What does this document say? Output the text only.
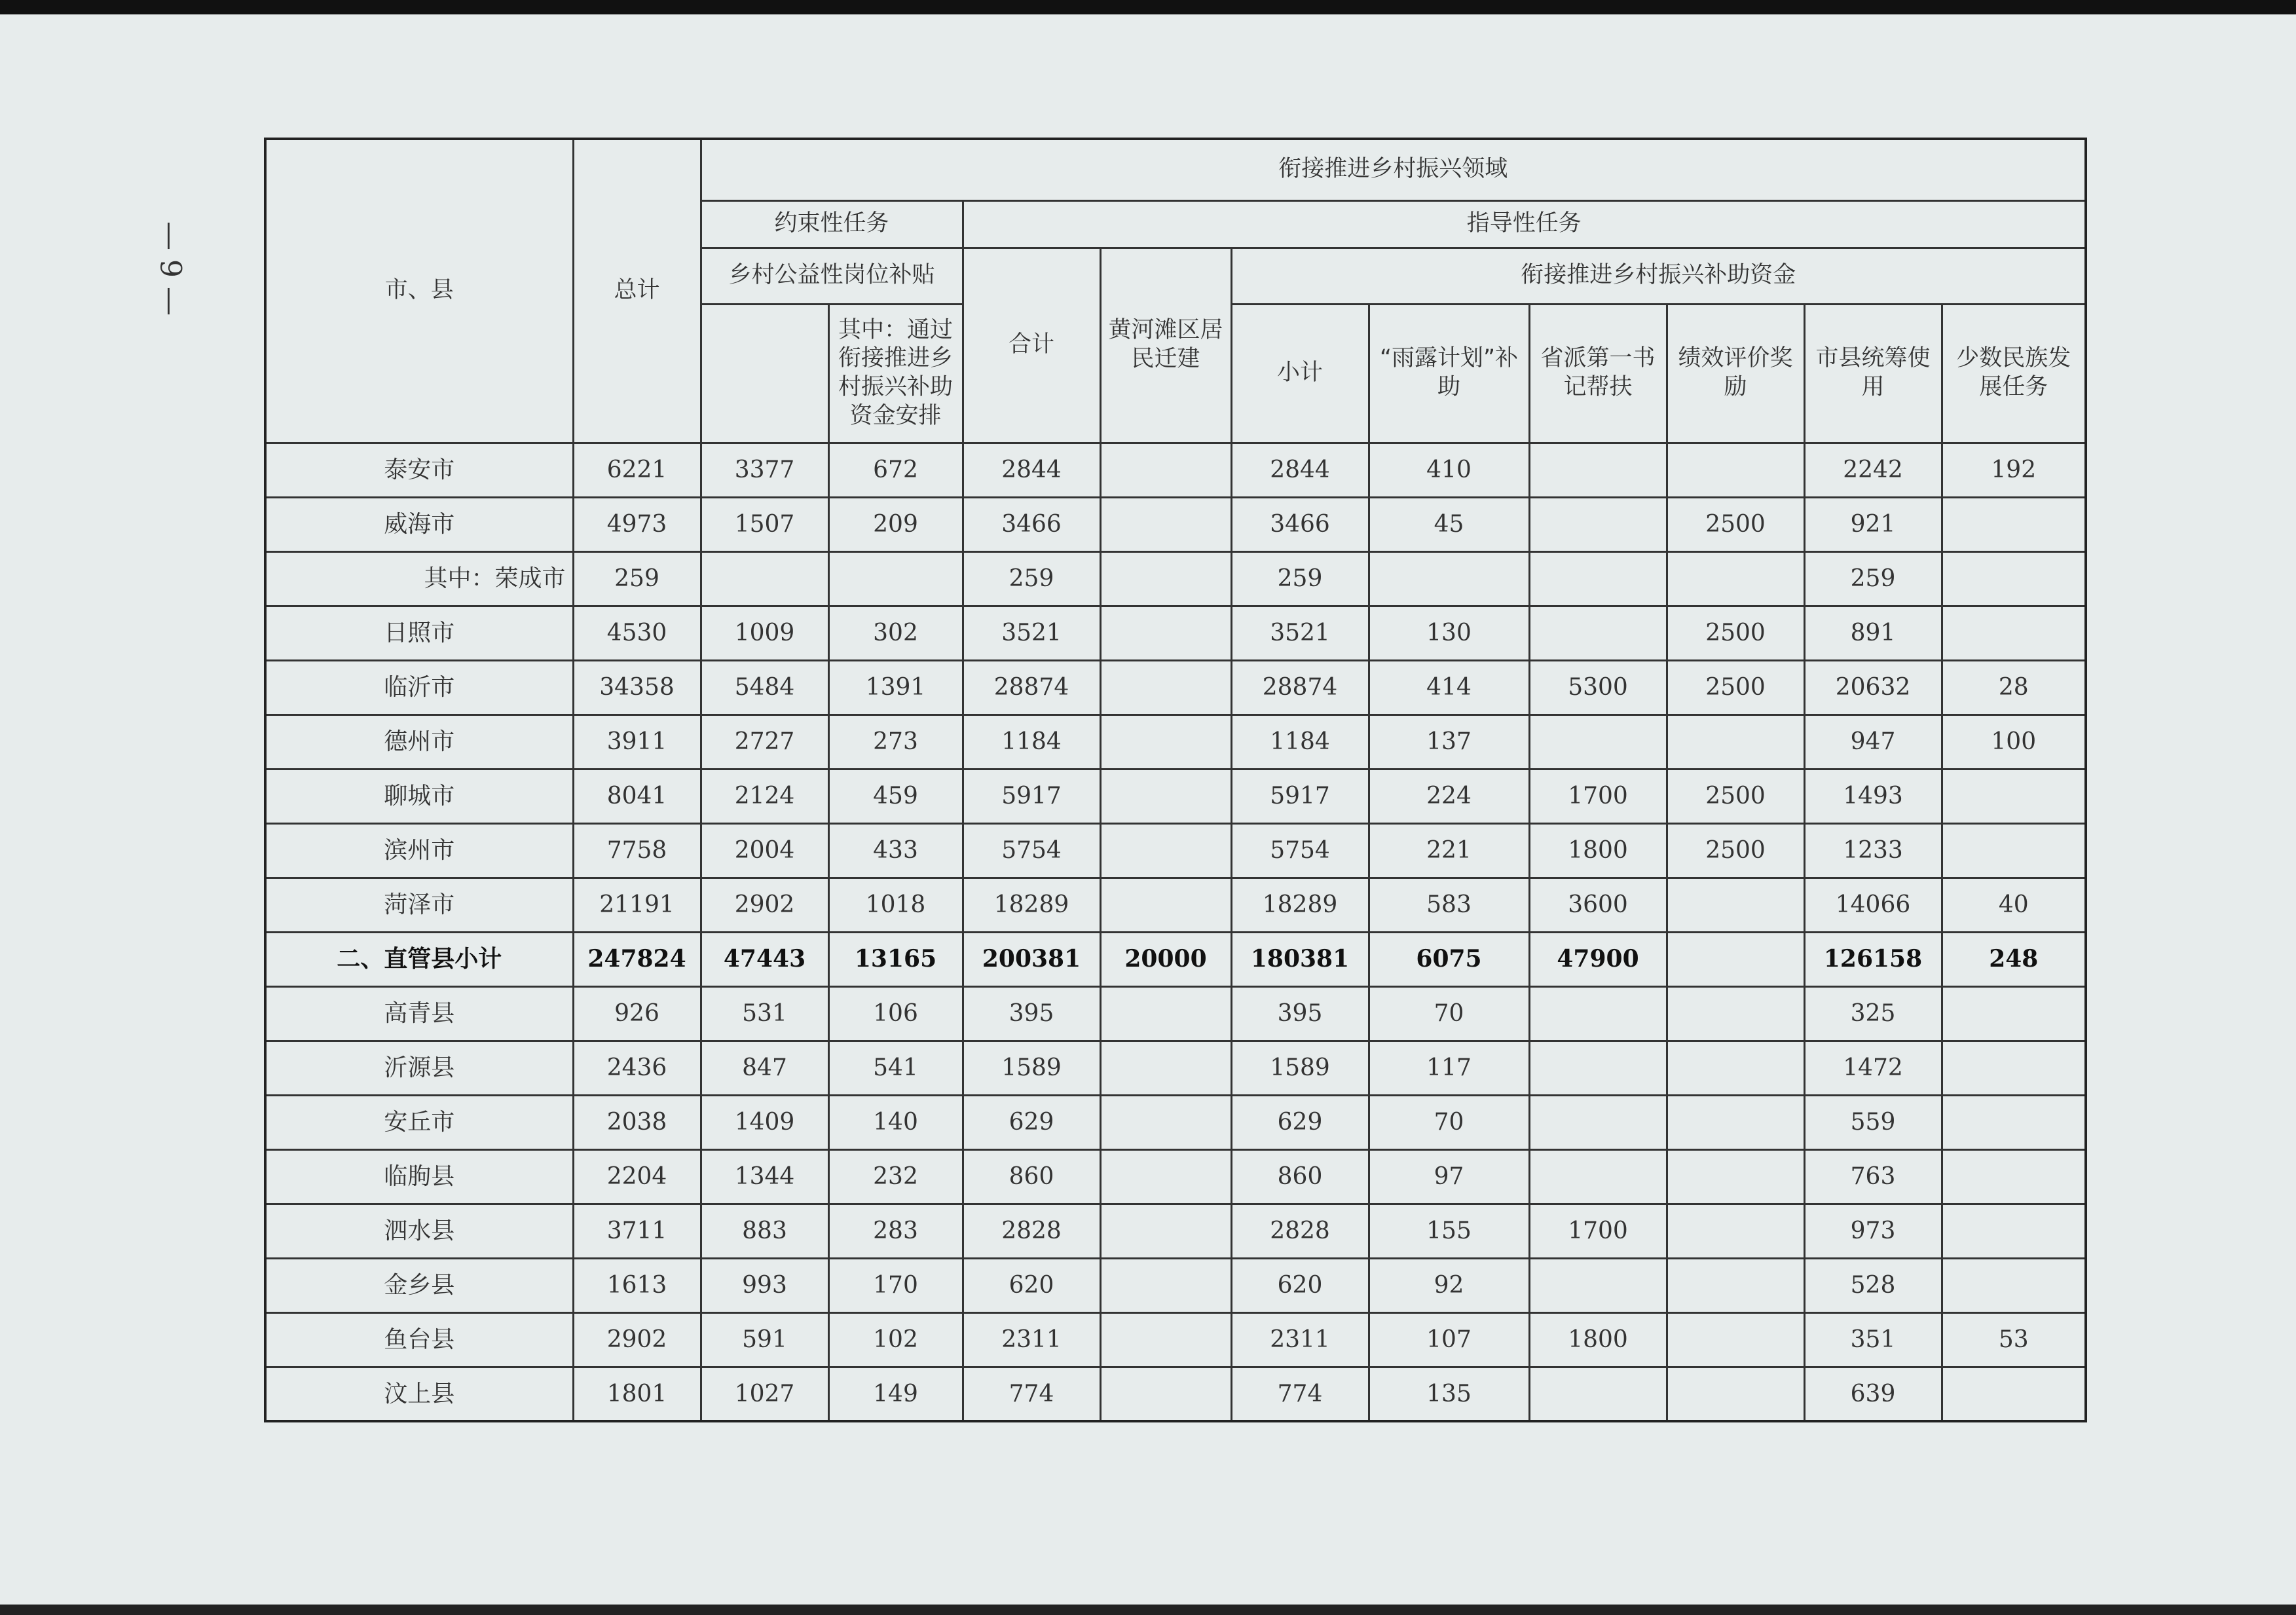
— 9 —	市、县	总计	衔接推进乡村振兴领域									
		约束性任务		指导性任务							
		乡村公益性岗位补贴		合计	黄河滩区居民迁建	衔接推进乡村振兴补助资金					
			其中：通过衔接推进乡村振兴补助资金安排			小计	“雨露计划”补助	省派第一书记帮扶	绩效评价奖励	市县统筹使用	少数民族发展任务
泰安市	6221	3377	672	2844		2844	410			2242	192
威海市	4973	1507	209	3466		3466	45		2500	921	
其中：荣成市	259			259		259				259	
日照市	4530	1009	302	3521		3521	130		2500	891	
临沂市	34358	5484	1391	28874		28874	414	5300	2500	20632	28
德州市	3911	2727	273	1184		1184	137			947	100
聊城市	8041	2124	459	5917		5917	224	1700	2500	1493	
滨州市	7758	2004	433	5754		5754	221	1800	2500	1233	
菏泽市	21191	2902	1018	18289		18289	583	3600		14066	40
二、直管县小计	247824	47443	13165	200381	20000	180381	6075	47900		126158	248
高青县	926	531	106	395		395	70			325	
沂源县	2436	847	541	1589		1589	117			1472	
安丘市	2038	1409	140	629		629	70			559	
临朐县	2204	1344	232	860		860	97			763	
泗水县	3711	883	283	2828		2828	155	1700		973	
金乡县	1613	993	170	620		620	92			528	
鱼台县	2902	591	102	2311		2311	107	1800		351	53
汶上县	1801	1027	149	774		774	135			639	
